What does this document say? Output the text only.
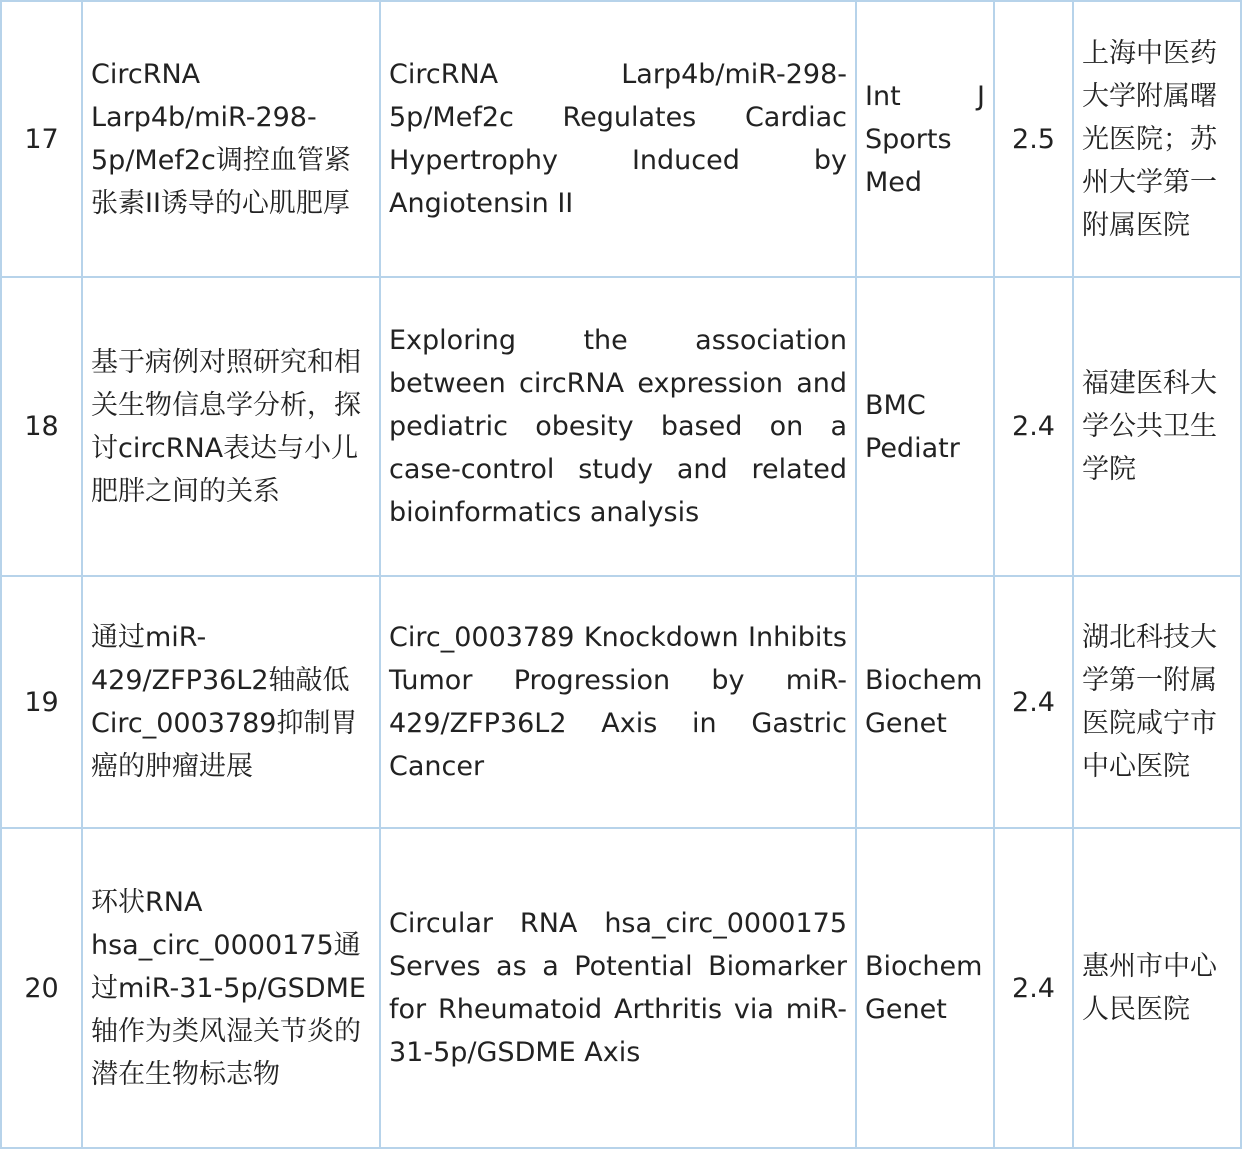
17	CircRNA Larp4b/miR-298-5p/Mef2c调控血管紧张素II诱导的心肌肥厚	CircRNA Larp4b/miR-298-5p/Mef2c Regulates Cardiac Hypertrophy Induced by Angiotensin II	Int J Sports Med	2.5	上海中医药大学附属曙光医院；苏州大学第一附属医院
18	基于病例对照研究和相关生物信息学分析，探讨circRNA表达与小儿肥胖之间的关系	Exploring the association between circRNA expression and pediatric obesity based on a case-control study and related bioinformatics analysis	BMC Pediatr	2.4	福建医科大学公共卫生学院
19	通过miR-429/ZFP36L2轴敲低Circ_0003789抑制胃癌的肿瘤进展	Circ_0003789 Knockdown Inhibits Tumor Progression by miR-429/ZFP36L2 Axis in Gastric Cancer	Biochem Genet	2.4	湖北科技大学第一附属医院咸宁市中心医院
20	环状RNA hsa_circ_0000175通过miR-31-5p/GSDME轴作为类风湿关节炎的潜在生物标志物	Circular RNA hsa_circ_0000175 Serves as a Potential Biomarker for Rheumatoid Arthritis via miR-31-5p/GSDME Axis	Biochem Genet	2.4	惠州市中心人民医院
